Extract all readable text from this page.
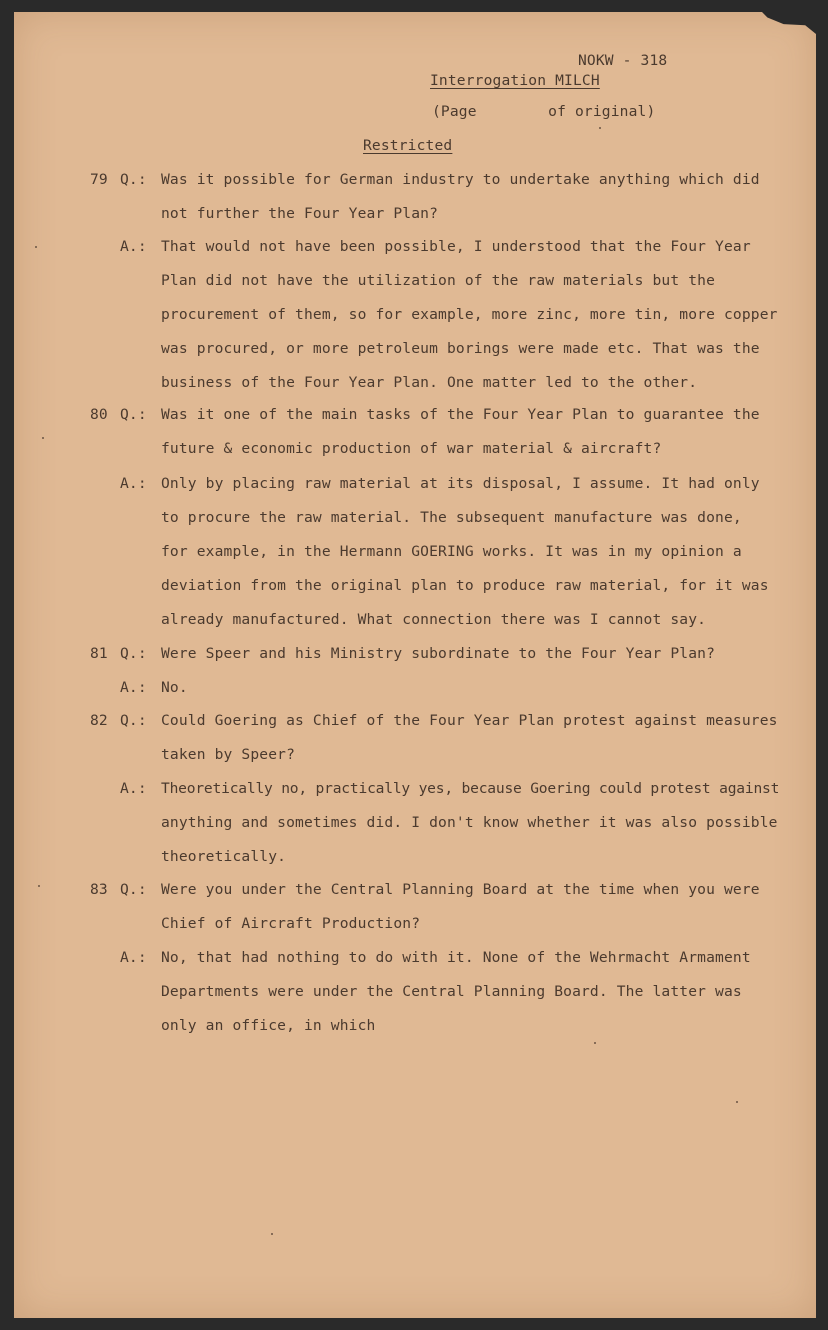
NOKW - 318
Interrogation MILCH
(Page        of original)
Restricted
79 Q.: Was it possible for German industry to undertake anything which did
not further the Four Year Plan?
A.: That would not have been possible, I understood that the Four Year
Plan did not have the utilization of the raw materials but the
procurement of them, so for example, more zinc, more tin, more copper
was procured, or more petroleum borings were made etc. That was the
business of the Four Year Plan. One matter led to the other.
80 Q.: Was it one of the main tasks of the Four Year Plan to guarantee the
future & economic production of war material & aircraft?
A.: Only by placing raw material at its disposal, I assume. It had only
to procure the raw material. The subsequent manufacture was done,
for example, in the Hermann GOERING works. It was in my opinion a
deviation from the original plan to produce raw material, for it was
already manufactured. What connection there was I cannot say.
81 Q.: Were Speer and his Ministry subordinate to the Four Year Plan?
A.: No.
82 Q.: Could Goering as Chief of the Four Year Plan protest against measures
taken by Speer?
A.: Theoretically no, practically yes, because Goering could protest against
anything and sometimes did. I don't know whether it was also possible
theoretically.
83 Q.: Were you under the Central Planning Board at the time when you were
Chief of Aircraft Production?
A.: No, that had nothing to do with it. None of the Wehrmacht Armament
Departments were under the Central Planning Board. The latter was
only an office, in which
